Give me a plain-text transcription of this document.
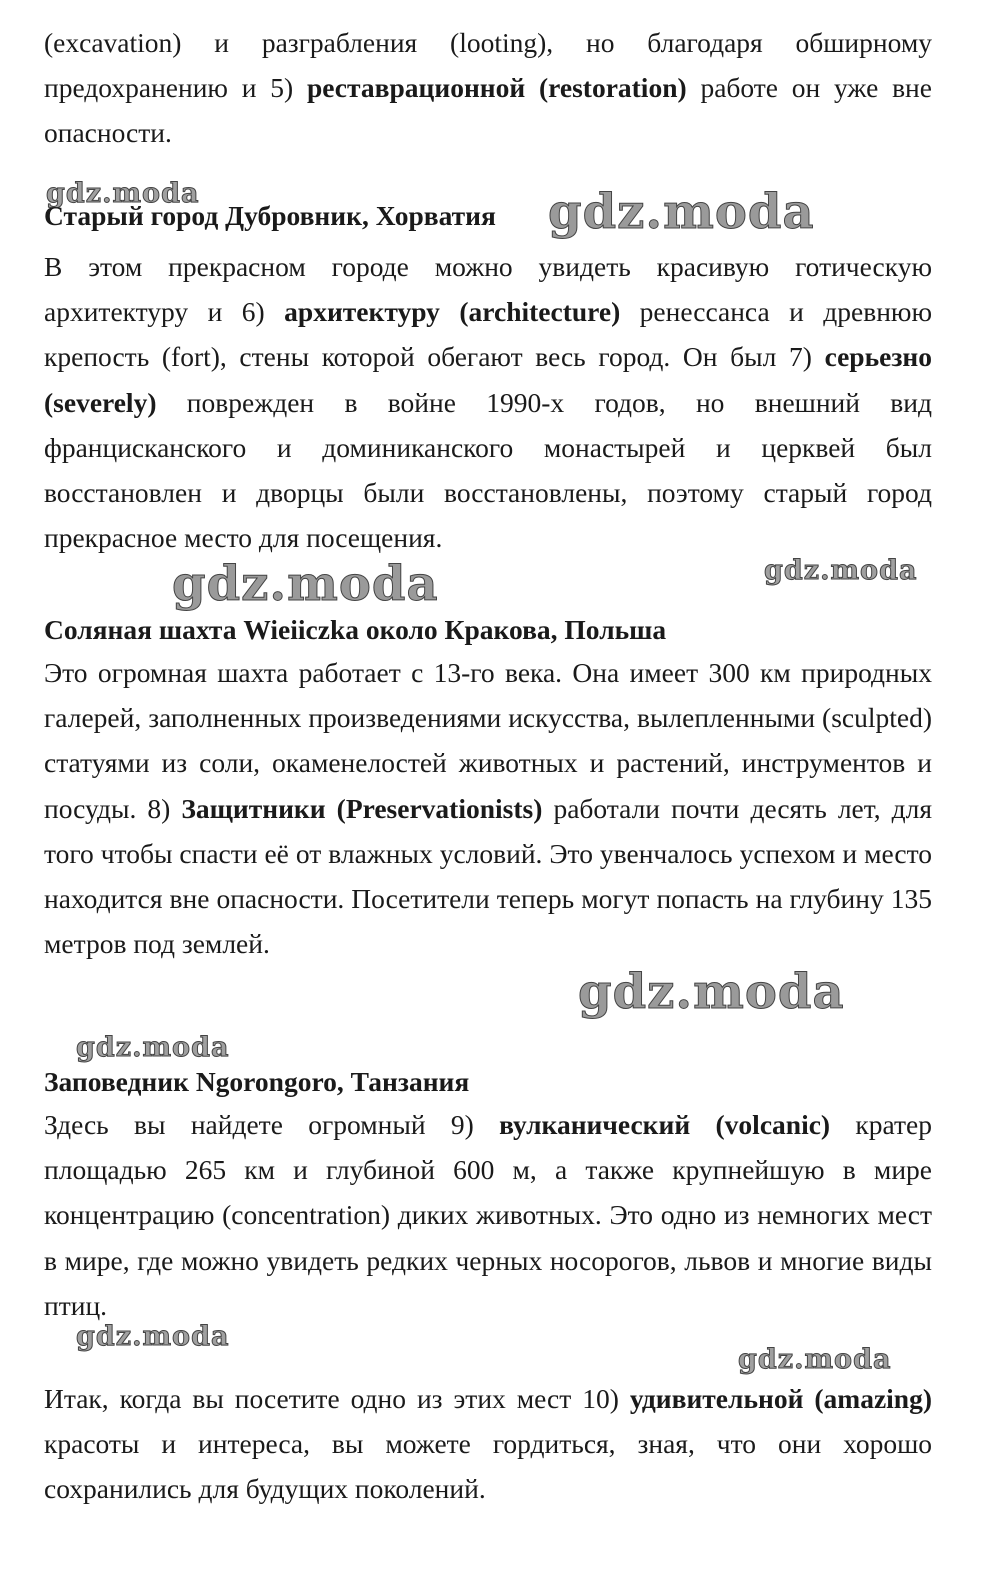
(excavation) и разграбления (looting), но благодаря обширному предохранению и 5) реставрационной (restoration) работе он уже вне опасности.

gdz.moda
Старый город Дубровник, Хорватия gdz.moda

В этом прекрасном городе можно увидеть красивую готическую архитектуру и 6) архитектуру (architecture) ренессанса и древнюю крепость (fort), стены которой обегают весь город. Он был 7) серьезно (severely) поврежден в войне 1990-х годов, но внешний вид францисканского и доминиканского монастырей и церквей был восстановлен и дворцы были восстановлены, поэтому старый город прекрасное место для посещения.

gdz.moda	gdz.moda
Соляная шахта Wieiiczka около Кракова, Польша

Это огромная шахта работает с 13-го века. Она имеет 300 км природных галерей, заполненных произведениями искусства, вылепленными (sculpted) статуями из соли, окаменелостей животных и растений, инструментов и посуды. 8) Защитники (Preservationists) работали почти десять лет, для того чтобы спасти её от влажных условий. Это увенчалось успехом и место находится вне опасности. Посетители теперь могут попасть на глубину 135 метров под землей.

gdz.moda
gdz.moda
Заповедник Ngorongoro, Танзания

Здесь вы найдете огромный 9) вулканический (volcanic) кратер площадью 265 км и глубиной 600 м, а также крупнейшую в мире концентрацию (concentration) диких животных. Это одно из немногих мест в мире, где можно увидеть редких черных носорогов, львов и многие виды птиц.

gdz.moda
gdz.moda

Итак, когда вы посетите одно из этих мест 10) удивительной (amazing) красоты и интереса, вы можете гордиться, зная, что они хорошо сохранились для будущих поколений.
